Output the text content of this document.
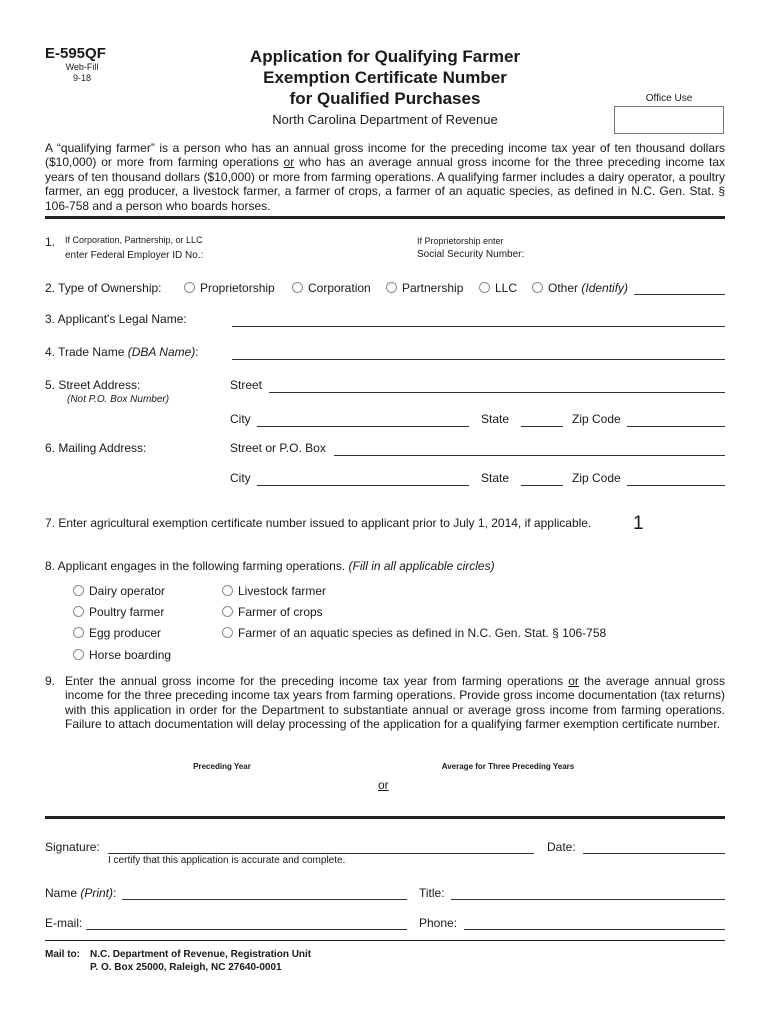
E-595QF
Web-Fill
9-18
Application for Qualifying Farmer
Exemption Certificate Number
for Qualified Purchases
North Carolina Department of Revenue
Office Use
A “qualifying farmer” is a person who has an annual gross income for the preceding income tax year of ten thousand dollars ($10,000) or more from farming operations or who has an average annual gross income for the three preceding income tax years of ten thousand dollars ($10,000) or more from farming operations. A qualifying farmer includes a dairy operator, a poultry farmer, an egg producer, a livestock farmer, a farmer of crops, a farmer of an aquatic species, as defined in N.C. Gen. Stat. § 106-758 and a person who boards horses.
1. If Corporation, Partnership, or LLC
enter Federal Employer ID No.:
If Proprietorship enter
Social Security Number:
2. Type of Ownership:	Proprietorship	Corporation	Partnership	LLC	Other (Identify)
3. Applicant's Legal Name:
4. Trade Name (DBA Name):
5. Street Address:
(Not P.O. Box Number)
Street
City	State	Zip Code
6. Mailing Address:	Street or P.O. Box
City	State	Zip Code
7. Enter agricultural exemption certificate number issued to applicant prior to July 1, 2014, if applicable. 1
8. Applicant engages in the following farming operations. (Fill in all applicable circles)
Dairy operator
Poultry farmer
Egg producer
Horse boarding
Livestock farmer
Farmer of crops
Farmer of an aquatic species as defined in N.C. Gen. Stat. § 106-758
9. Enter the annual gross income for the preceding income tax year from farming operations or the average annual gross income for the three preceding income tax years from farming operations. Provide gross income documentation (tax returns) with this application in order for the Department to substantiate annual or average gross income from farming operations. Failure to attach documentation will delay processing of the application for a qualifying farmer exemption certificate number.
Preceding Year	Average for Three Preceding Years
or
Signature:	Date:
I certify that this application is accurate and complete.
Name (Print):	Title:
E-mail:	Phone:
Mail to: N.C. Department of Revenue, Registration Unit
P. O. Box 25000, Raleigh, NC 27640-0001
